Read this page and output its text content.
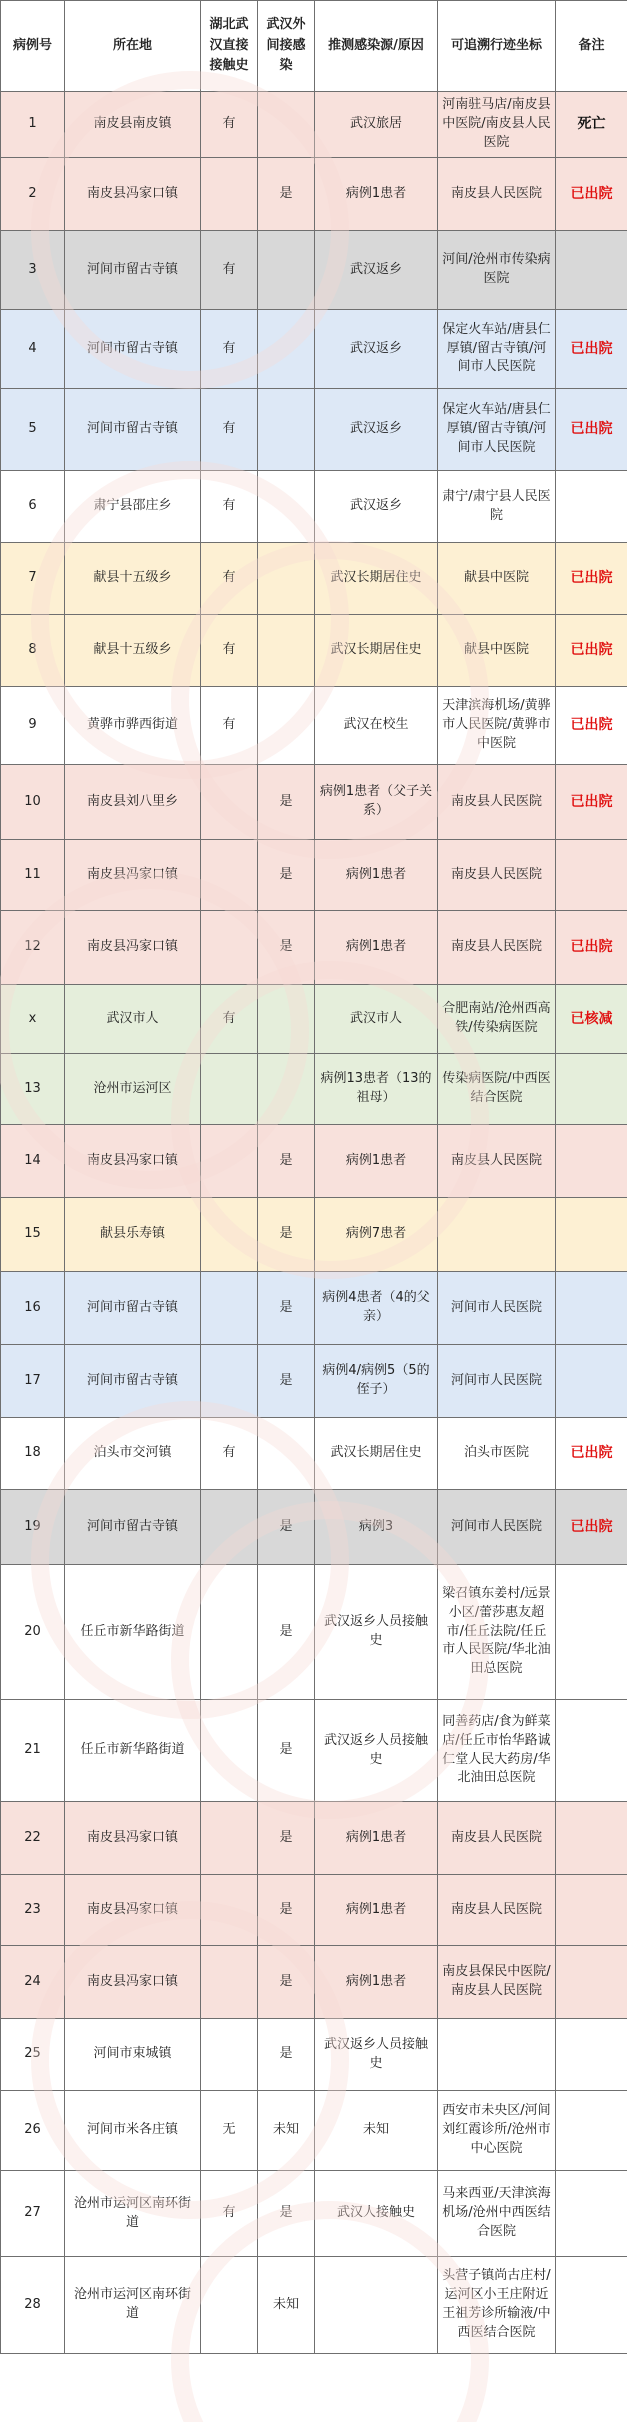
病例号	所在地	湖北武汉直接接触史	武汉外间接感染	推测感染源/原因	可追溯行迹坐标	备注
1	南皮县南皮镇	有		武汉旅居	河南驻马店/南皮县中医院/南皮县人民医院	死亡
2	南皮县冯家口镇		是	病例1患者	南皮县人民医院	已出院
3	河间市留古寺镇	有		武汉返乡	河间/沧州市传染病医院	
4	河间市留古寺镇	有		武汉返乡	保定火车站/唐县仁厚镇/留古寺镇/河间市人民医院	已出院
5	河间市留古寺镇	有		武汉返乡	保定火车站/唐县仁厚镇/留古寺镇/河间市人民医院	已出院
6	肃宁县邵庄乡	有		武汉返乡	肃宁/肃宁县人民医院	
7	献县十五级乡	有		武汉长期居住史	献县中医院	已出院
8	献县十五级乡	有		武汉长期居住史	献县中医院	已出院
9	黄骅市骅西街道	有		武汉在校生	天津滨海机场/黄骅市人民医院/黄骅市中医院	已出院
10	南皮县刘八里乡		是	病例1患者（父子关系）	南皮县人民医院	已出院
11	南皮县冯家口镇		是	病例1患者	南皮县人民医院	
12	南皮县冯家口镇		是	病例1患者	南皮县人民医院	已出院
x	武汉市人	有		武汉市人	合肥南站/沧州西高铁/传染病医院	已核减
13	沧州市运河区			病例13患者（13的祖母）	传染病医院/中西医结合医院	
14	南皮县冯家口镇		是	病例1患者	南皮县人民医院	
15	献县乐寿镇		是	病例7患者		
16	河间市留古寺镇		是	病例4患者（4的父亲）	河间市人民医院	
17	河间市留古寺镇		是	病例4/病例5（5的侄子）	河间市人民医院	
18	泊头市交河镇	有		武汉长期居住史	泊头市医院	已出院
19	河间市留古寺镇		是	病例3	河间市人民医院	已出院
20	任丘市新华路街道		是	武汉返乡人员接触史	梁召镇东姜村/远景小区/蕾莎惠友超市/任丘法院/任丘市人民医院/华北油田总医院	
21	任丘市新华路街道		是	武汉返乡人员接触史	同善药店/食为鲜菜店/任丘市怡华路诚仁堂人民大药房/华北油田总医院	
22	南皮县冯家口镇		是	病例1患者	南皮县人民医院	
23	南皮县冯家口镇		是	病例1患者	南皮县人民医院	
24	南皮县冯家口镇		是	病例1患者	南皮县保民中医院/南皮县人民医院	
25	河间市束城镇		是	武汉返乡人员接触史		
26	河间市米各庄镇	无	未知	未知	西安市未央区/河间刘红霞诊所/沧州市中心医院	
27	沧州市运河区南环街道	有	是	武汉人接触史	马来西亚/天津滨海机场/沧州中西医结合医院	
28	沧州市运河区南环街道		未知		头营子镇尚古庄村/运河区小王庄附近王祖芳诊所输液/中西医结合医院	
